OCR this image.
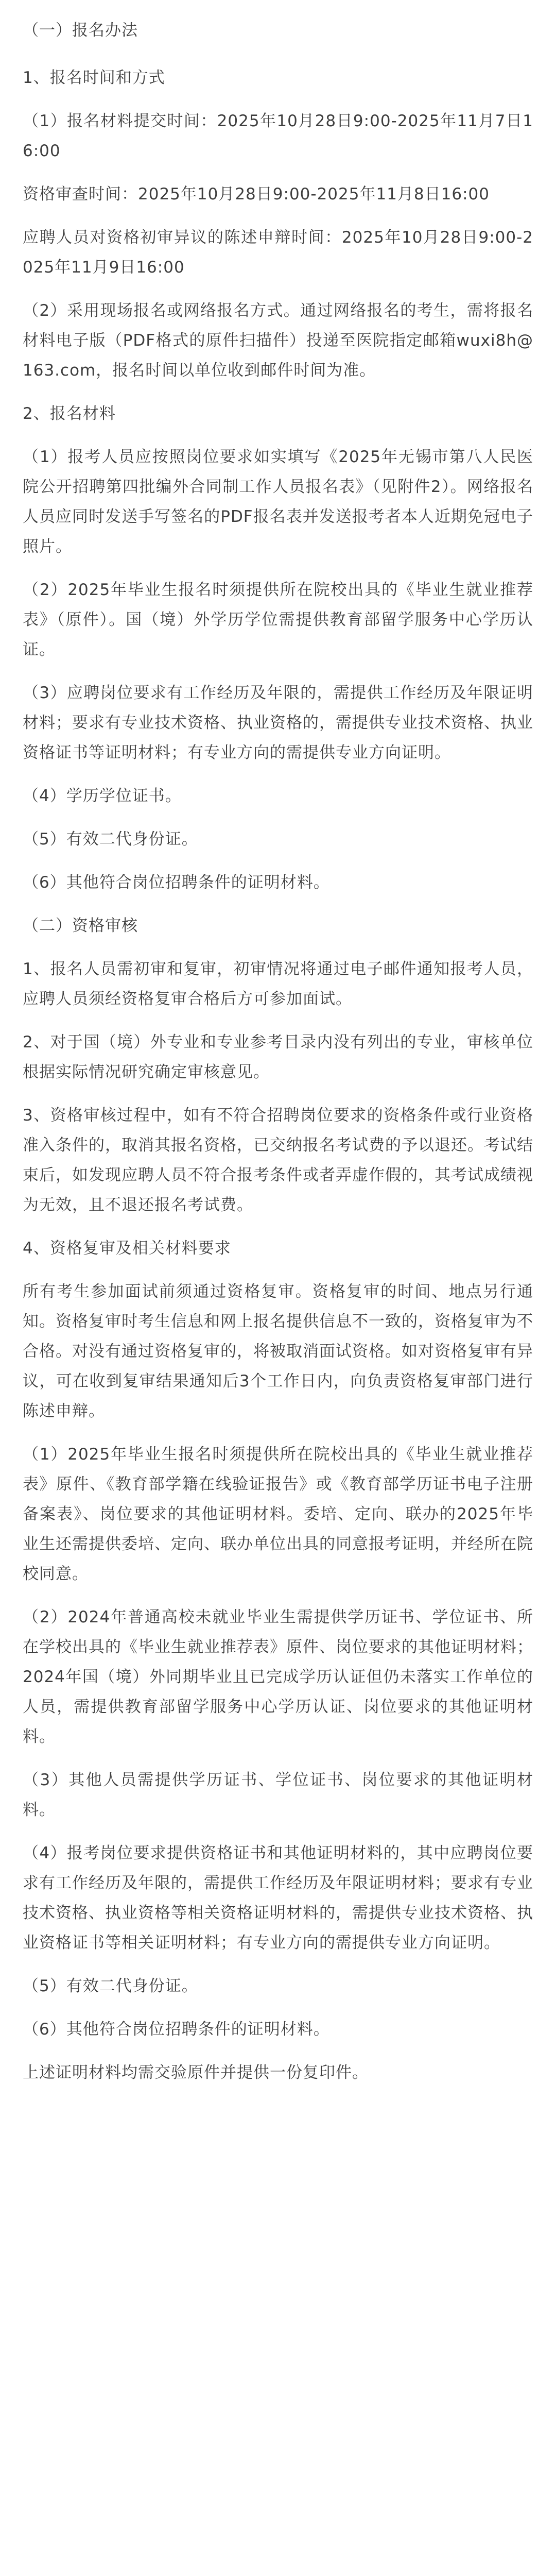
（一）报名办法

1、报名时间和方式

（1）报名材料提交时间：2025年10月28日9:00-2025年11月7日16:00

资格审查时间：2025年10月28日9:00-2025年11月8日16:00

应聘人员对资格初审异议的陈述申辩时间：2025年10月28日9:00-2025年11月9日16:00

（2）采用现场报名或网络报名方式。通过网络报名的考生，需将报名材料电子版（PDF格式的原件扫描件）投递至医院指定邮箱wuxi8h@163.com，报名时间以单位收到邮件时间为准。

2、报名材料

（1）报考人员应按照岗位要求如实填写《2025年无锡市第八人民医院公开招聘第四批编外合同制工作人员报名表》（见附件2）。网络报名人员应同时发送手写签名的PDF报名表并发送报考者本人近期免冠电子照片。

（2）2025年毕业生报名时须提供所在院校出具的《毕业生就业推荐表》（原件）。国（境）外学历学位需提供教育部留学服务中心学历认证。

（3）应聘岗位要求有工作经历及年限的，需提供工作经历及年限证明材料；要求有专业技术资格、执业资格的，需提供专业技术资格、执业资格证书等证明材料；有专业方向的需提供专业方向证明。

（4）学历学位证书。

（5）有效二代身份证。

（6）其他符合岗位招聘条件的证明材料。

（二）资格审核

1、报名人员需初审和复审，初审情况将通过电子邮件通知报考人员，应聘人员须经资格复审合格后方可参加面试。

2、对于国（境）外专业和专业参考目录内没有列出的专业，审核单位根据实际情况研究确定审核意见。

3、资格审核过程中，如有不符合招聘岗位要求的资格条件或行业资格准入条件的，取消其报名资格，已交纳报名考试费的予以退还。考试结束后，如发现应聘人员不符合报考条件或者弄虚作假的，其考试成绩视为无效，且不退还报名考试费。

4、资格复审及相关材料要求

所有考生参加面试前须通过资格复审。资格复审的时间、地点另行通知。资格复审时考生信息和网上报名提供信息不一致的，资格复审为不合格。对没有通过资格复审的，将被取消面试资格。如对资格复审有异议，可在收到复审结果通知后3个工作日内，向负责资格复审部门进行陈述申辩。

（1）2025年毕业生报名时须提供所在院校出具的《毕业生就业推荐表》原件、《教育部学籍在线验证报告》或《教育部学历证书电子注册备案表》、岗位要求的其他证明材料。委培、定向、联办的2025年毕业生还需提供委培、定向、联办单位出具的同意报考证明，并经所在院校同意。

（2）2024年普通高校未就业毕业生需提供学历证书、学位证书、所在学校出具的《毕业生就业推荐表》原件、岗位要求的其他证明材料；2024年国（境）外同期毕业且已完成学历认证但仍未落实工作单位的人员，需提供教育部留学服务中心学历认证、岗位要求的其他证明材料。

（3）其他人员需提供学历证书、学位证书、岗位要求的其他证明材料。

（4）报考岗位要求提供资格证书和其他证明材料的，其中应聘岗位要求有工作经历及年限的，需提供工作经历及年限证明材料；要求有专业技术资格、执业资格等相关资格证明材料的，需提供专业技术资格、执业资格证书等相关证明材料；有专业方向的需提供专业方向证明。

（5）有效二代身份证。

（6）其他符合岗位招聘条件的证明材料。

上述证明材料均需交验原件并提供一份复印件。
